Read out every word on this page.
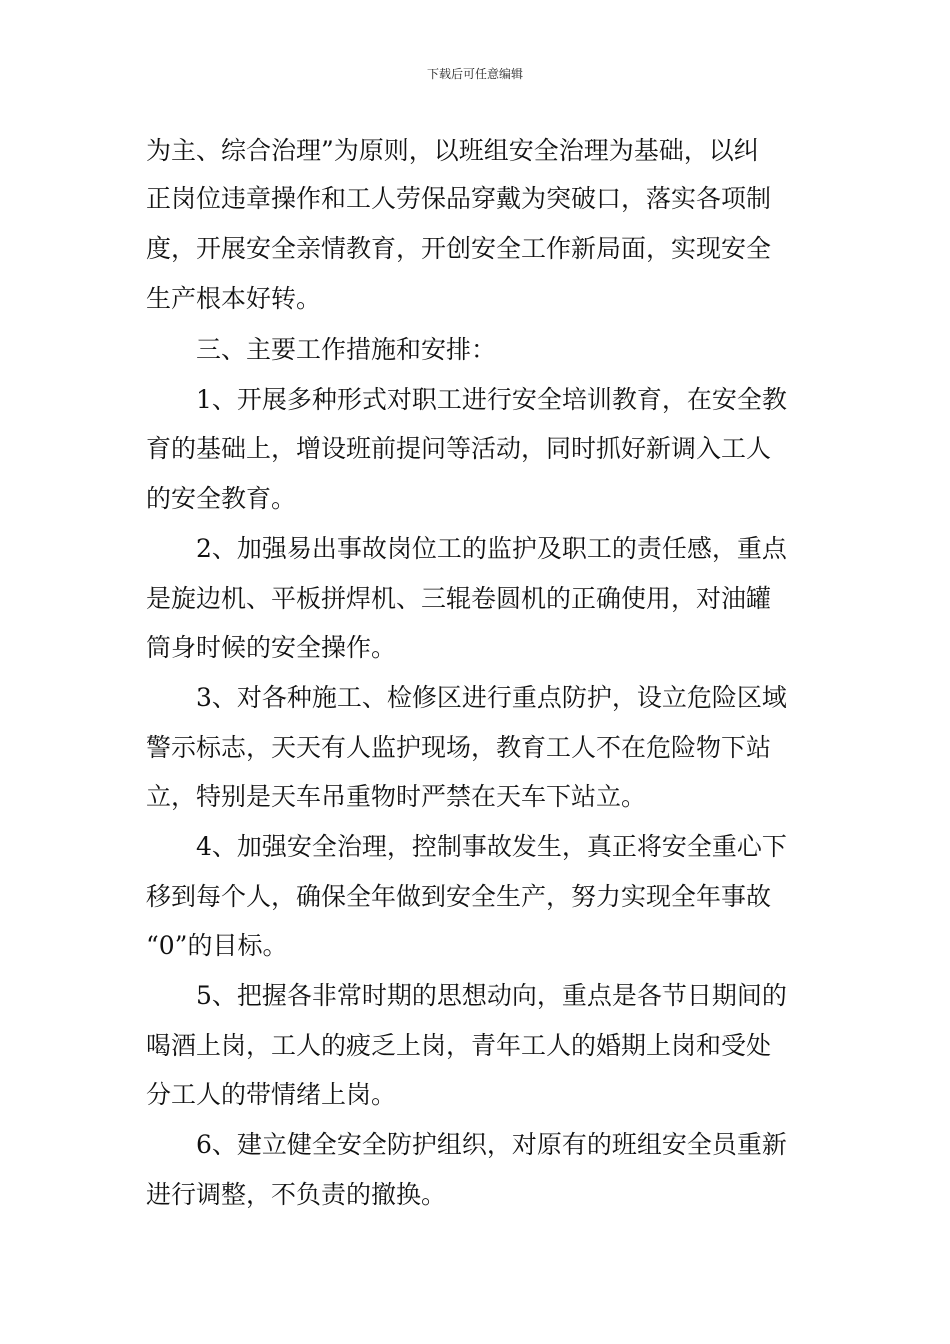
下载后可任意编辑
为主、综合治理”为原则，以班组安全治理为基础，以纠
正岗位违章操作和工人劳保品穿戴为突破口，落实各项制
度，开展安全亲情教育，开创安全工作新局面，实现安全
生产根本好转。
三、主要工作措施和安排：
1、开展多种形式对职工进行安全培训教育，在安全教
育的基础上，增设班前提问等活动，同时抓好新调入工人
的安全教育。
2、加强易出事故岗位工的监护及职工的责任感，重点
是旋边机、平板拼焊机、三辊卷圆机的正确使用，对油罐
筒身时候的安全操作。
3、对各种施工、检修区进行重点防护，设立危险区域
警示标志，天天有人监护现场，教育工人不在危险物下站
立，特别是天车吊重物时严禁在天车下站立。
4、加强安全治理，控制事故发生，真正将安全重心下
移到每个人，确保全年做到安全生产，努力实现全年事故
“0”的目标。
5、把握各非常时期的思想动向，重点是各节日期间的
喝酒上岗，工人的疲乏上岗，青年工人的婚期上岗和受处
分工人的带情绪上岗。
6、建立健全安全防护组织，对原有的班组安全员重新
进行调整，不负责的撤换。
